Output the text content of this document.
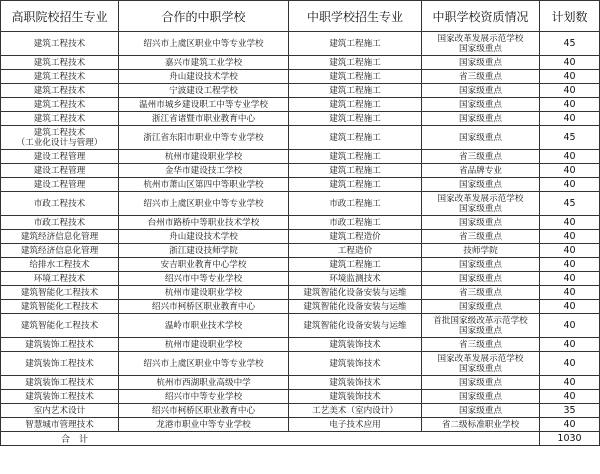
高职院校招生专业	合作的中职学校	中职学校招生专业	中职学校资质情况	计划数

建筑工程技术	绍兴市上虞区职业中等专业学校	建筑工程施工	国家改革发展示范学校
国家级重点	45

建筑工程技术	嘉兴市建筑工业学校	建筑工程施工	国家级重点	40

建筑工程技术	舟山建设技术学校	建筑工程施工	省三级重点	40

建筑工程技术	宁波建设工程学校	建筑工程施工	国家级重点	40

建筑工程技术	温州市城乡建设职工中等专业学校	建筑工程施工	国家级重点	40

建筑工程技术	浙江省诸暨市职业教育中心	建筑工程施工	国家级重点	40

建筑工程技术
（工业化设计与管理）	浙江省东阳市职业中等专业学校	建筑工程施工	国家级重点	45

建设工程管理	杭州市建设职业学校	建筑工程施工	省三级重点	40

建设工程管理	金华市建设技工学校	建筑工程施工	省品牌专业	40

建设工程管理	杭州市萧山区第四中等职业学校	建筑工程施工	国家级重点	40

市政工程技术	绍兴市上虞区职业中等专业学校	市政工程施工	国家改革发展示范学校
国家级重点	45

市政工程技术	台州市路桥中等职业技术学校	市政工程施工	国家级重点	40

建筑经济信息化管理	舟山建设技术学校	建筑工程造价	省三级重点	40

建筑经济信息化管理	浙江建设技师学院	工程造价	技师学院	40

给排水工程技术	安吉职业教育中心学校	建筑工程施工	国家级重点	40

环境工程技术	绍兴市中等专业学校	环境监测技术	国家级重点	40

建筑智能化工程技术	杭州市建设职业学校	建筑智能化设备安装与运维	省三级重点	40

建筑智能化工程技术	绍兴市柯桥区职业教育中心	建筑智能化设备安装与运维	国家级重点	40

建筑智能化工程技术	温岭市职业技术学校	建筑智能化设备安装与运维	首批国家级改革示范学校
国家级重点	40

建筑装饰工程技术	杭州市建设职业学校	建筑装饰技术	省三级重点	40

建筑装饰工程技术	绍兴市上虞区职业中等专业学校	建筑装饰技术	国家改革发展示范学校
国家级重点	40

建筑装饰工程技术	杭州市西湖职业高级中学	建筑装饰技术	国家级重点	40

建筑装饰工程技术	绍兴市中等专业学校	建筑装饰技术	国家级重点	40

室内艺术设计	绍兴市柯桥区职业教育中心	工艺美术（室内设计）	国家级重点	35

智慧城市管理技术	龙港市职业中等专业学校	电子技术应用	省二级标准职业学校	40
合　计				1030
